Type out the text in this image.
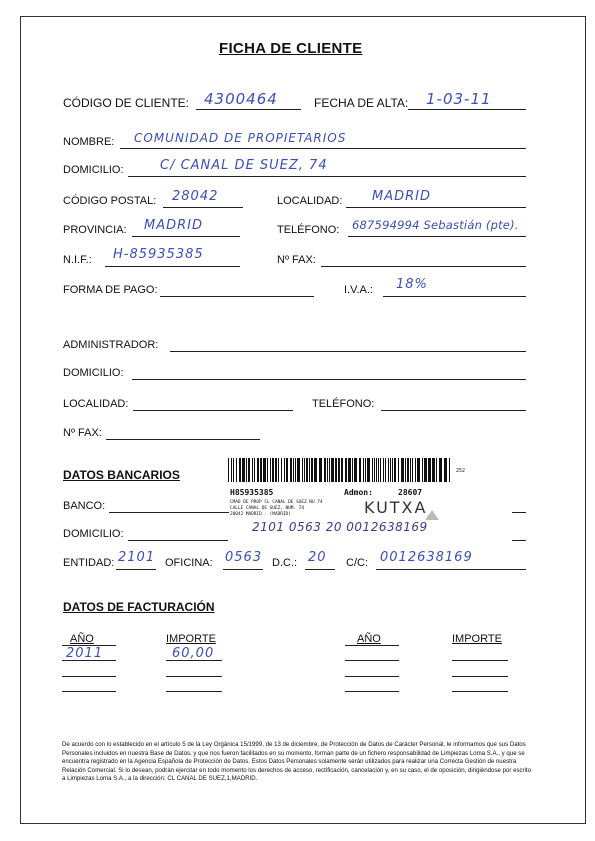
FICHA DE CLIENTE
CÓDIGO DE CLIENTE: 4300464	FECHA DE ALTA: 1-03-11
NOMBRE: COMUNIDAD DE PROPIETARIOS
DOMICILIO:	C/ CANAL DE SUEZ, 74
CÓDIGO POSTAL: 28042	LOCALIDAD: MADRID
PROVINCIA: MADRID	TELÉFONO: 687594994 Sebastián (pte).
N.I.F.: H-85935385	Nº FAX:
FORMA DE PAGO:	I.V.A.: 18%
ADMINISTRADOR:
DOMICILIO:
LOCALIDAD:	TELÉFONO:
Nº FAX:
DATOS BANCARIOS
BANCO:
DOMICILIO:
252
H85935385	Admon:	28607
CMAD DE PROP CL CANAL DE SUEZ NU 74
CALLE CANAL DE SUEZ, NUM. 74
28042 MADRID - (MADRID)	KUTXA
2101 0563 20 0012638169
ENTIDAD: 2101 OFICINA: 0563 D.C.: 20 C/C: 0012638169
DATOS DE FACTURACIÓN
AÑO	IMPORTE	AÑO	IMPORTE
2011	60,00
De acuerdo con lo establecido en el artículo 5 de la Ley Orgánica 15/1999, de 13 de diciembre, de Protección de Datos de Carácter Personal, le informamos que sus Datos Personales incluidos en nuestra Base de Datos, y que nos fueron facilitados en su momento, forman parte de un fichero responsabilidad de Limpiezas Loma S.A., y que se encuentra registrado en la Agencia Española de Protección de Datos. Estos Datos Personales solamente serán utilizados para realizar una Correcta Gestión de nuestra Relación Comercial. Si lo desean, podrán ejercitar en todo momento los derechos de acceso, rectificación, cancelación y, en su caso, el de oposición, dirigiéndose por escrito a Limpiezas Loma S.A., a la dirección: CL CANAL DE SUEZ,1,MADRID.
